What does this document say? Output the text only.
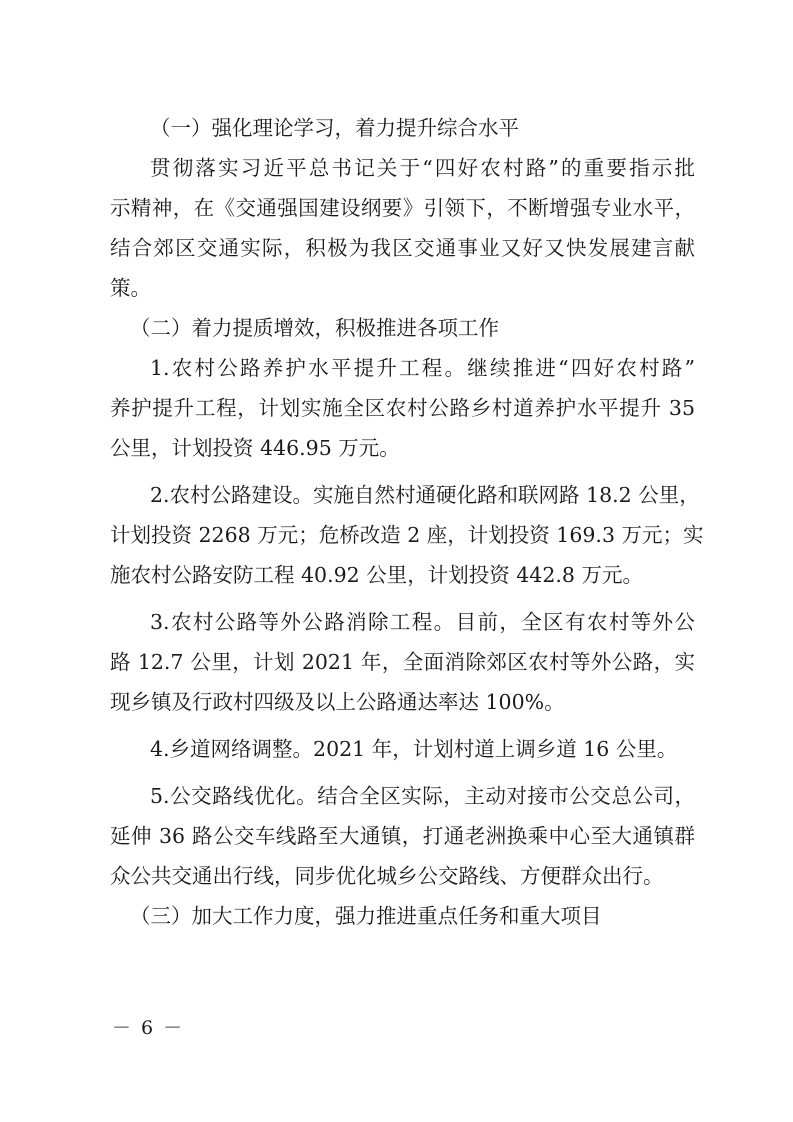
（一）强化理论学习，着力提升综合水平
贯彻落实习近平总书记关于“四好农村路”的重要指示批
示精神，在《交通强国建设纲要》引领下，不断增强专业水平，
结合郊区交通实际，积极为我区交通事业又好又快发展建言献
策。
（二）着力提质增效，积极推进各项工作
1.农村公路养护水平提升工程。继续推进“四好农村路”
养护提升工程，计划实施全区农村公路乡村道养护水平提升 35
公里，计划投资 446.95 万元。
2.农村公路建设。实施自然村通硬化路和联网路 18.2 公里，
计划投资 2268 万元；危桥改造 2 座，计划投资 169.3 万元；实
施农村公路安防工程 40.92 公里，计划投资 442.8 万元。
3.农村公路等外公路消除工程。目前，全区有农村等外公
路 12.7 公里，计划 2021 年，全面消除郊区农村等外公路，实
现乡镇及行政村四级及以上公路通达率达 100%。
4.乡道网络调整。2021 年，计划村道上调乡道 16 公里。
5.公交路线优化。结合全区实际，主动对接市公交总公司，
延伸 36 路公交车线路至大通镇，打通老洲换乘中心至大通镇群
众公共交通出行线，同步优化城乡公交路线、方便群众出行。
（三）加大工作力度，强力推进重点任务和重大项目
－ 6 －
